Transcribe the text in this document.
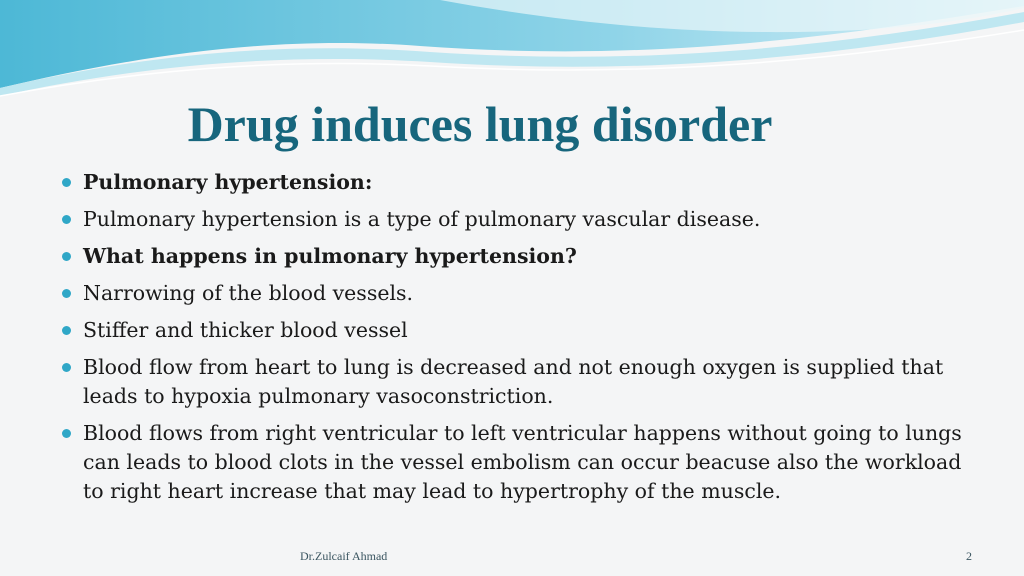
Drug induces lung disorder
Pulmonary hypertension:
Pulmonary hypertension is a type of pulmonary vascular disease.
What happens in pulmonary hypertension?
Narrowing of the blood vessels.
Stiffer and thicker blood vessel
Blood flow from heart to lung is decreased and not enough oxygen is supplied that leads to hypoxia pulmonary vasoconstriction.
Blood flows from right ventricular to left ventricular happens without going to lungs can leads to blood clots in the vessel embolism can occur beacuse also the workload to right heart increase that may lead to hypertrophy of the muscle.
Dr.Zulcaif Ahmad	2
